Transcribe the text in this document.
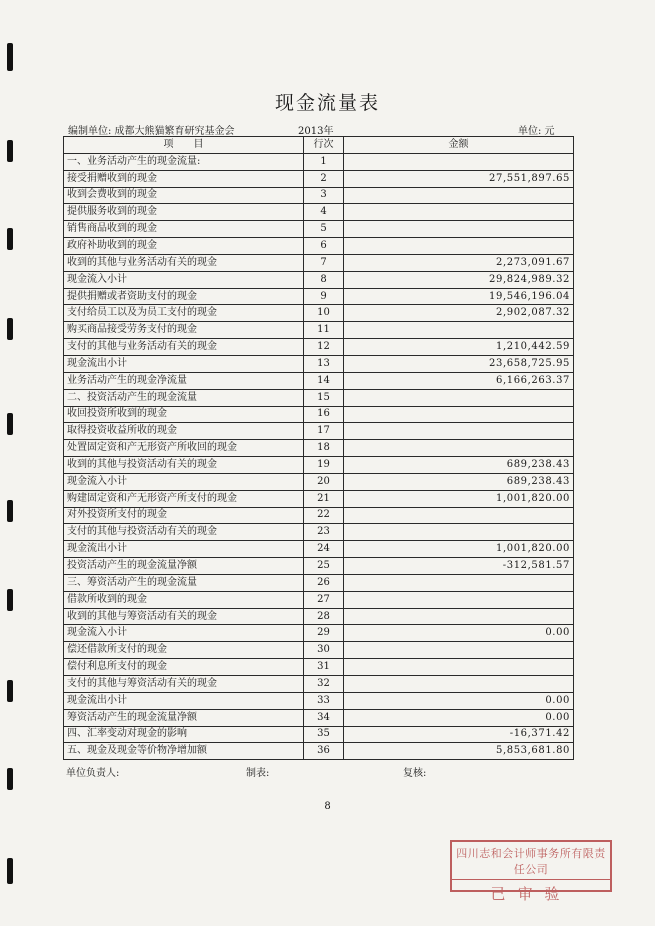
现金流量表
编制单位: 成都大熊猫繁育研究基金会	2013年	单位: 元
项　　目	行次	金额
一、业务活动产生的现金流量:	1	
接受捐赠收到的现金	2	27,551,897.65
收到会费收到的现金	3	
提供服务收到的现金	4	
销售商品收到的现金	5	
政府补助收到的现金	6	
收到的其他与业务活动有关的现金	7	2,273,091.67
现金流入小计	8	29,824,989.32
提供捐赠或者资助支付的现金	9	19,546,196.04
支付给员工以及为员工支付的现金	10	2,902,087.32
购买商品接受劳务支付的现金	11	
支付的其他与业务活动有关的现金	12	1,210,442.59
现金流出小计	13	23,658,725.95
业务活动产生的现金净流量	14	6,166,263.37
二、投资活动产生的现金流量	15	
收回投资所收到的现金	16	
取得投资收益所收的现金	17	
处置固定资和产无形资产所收回的现金	18	
收到的其他与投资活动有关的现金	19	689,238.43
现金流入小计	20	689,238.43
购建固定资和产无形资产所支付的现金	21	1,001,820.00
对外投资所支付的现金	22	
支付的其他与投资活动有关的现金	23	
现金流出小计	24	1,001,820.00
投资活动产生的现金流量净额	25	-312,581.57
三、筹资活动产生的现金流量	26	
借款所收到的现金	27	
收到的其他与筹资活动有关的现金	28	
现金流入小计	29	0.00
偿还借款所支付的现金	30	
偿付利息所支付的现金	31	
支付的其他与筹资活动有关的现金	32	
现金流出小计	33	0.00
筹资活动产生的现金流量净额	34	0.00
四、汇率变动对现金的影响	35	-16,371.42
五、现金及现金等价物净增加额	36	5,853,681.80
单位负责人:	制表:	复核:
8
四川志和会计师事务所有限责任公司
已审验
